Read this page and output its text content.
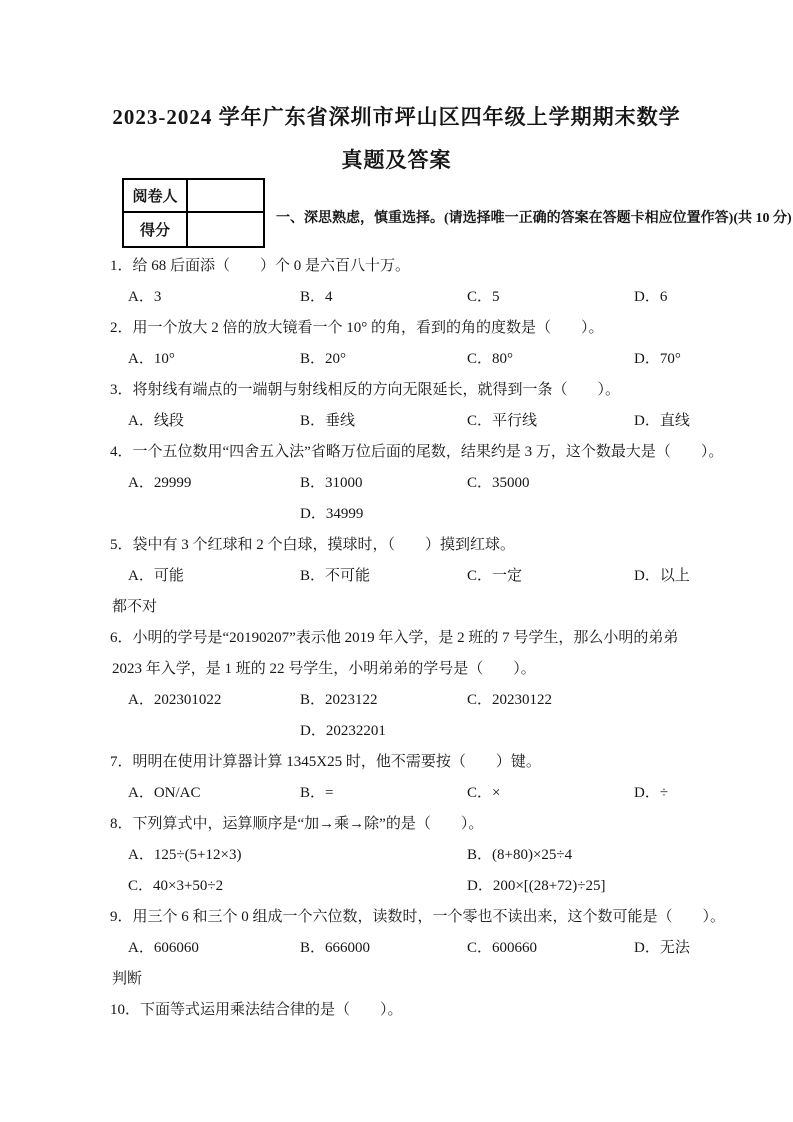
2023-2024 学年广东省深圳市坪山区四年级上学期期末数学
真题及答案
阅卷人
得分
一、深思熟虑，慎重选择。(请选择唯一正确的答案在答题卡相应位置作答)(共 10 分)
1．给 68 后面添（　　）个 0 是六百八十万。
A．3	B．4	C．5	D．6
2．用一个放大 2 倍的放大镜看一个 10° 的角，看到的角的度数是（　　）。
A．10°	B．20°	C．80°	D．70°
3．将射线有端点的一端朝与射线相反的方向无限延长，就得到一条（　　）。
A．线段	B．垂线	C．平行线	D．直线
4．一个五位数用“四舍五入法”省略万位后面的尾数，结果约是 3 万，这个数最大是（　　）。
A．29999	B．31000	C．35000
D．34999
5．袋中有 3 个红球和 2 个白球，摸球时，（　　）摸到红球。
A．可能	B．不可能	C．一定	D．以上
都不对
6．小明的学号是“20190207”表示他 2019 年入学，是 2 班的 7 号学生，那么小明的弟弟
2023 年入学，是 1 班的 22 号学生，小明弟弟的学号是（　　）。
A．202301022	B．2023122	C．20230122
D．20232201
7．明明在使用计算器计算 1345X25 时，他不需要按（　　）键。
A．ON/AC	B．=	C．×	D．÷
8．下列算式中，运算顺序是“加→乘→除”的是（　　）。
A．125÷(5+12×3)	B．(8+80)×25÷4
C．40×3+50÷2	D．200×[(28+72)÷25]
9．用三个 6 和三个 0 组成一个六位数，读数时，一个零也不读出来，这个数可能是（　　）。
A．606060	B．666000	C．600660	D．无法
判断
10．下面等式运用乘法结合律的是（　　）。
